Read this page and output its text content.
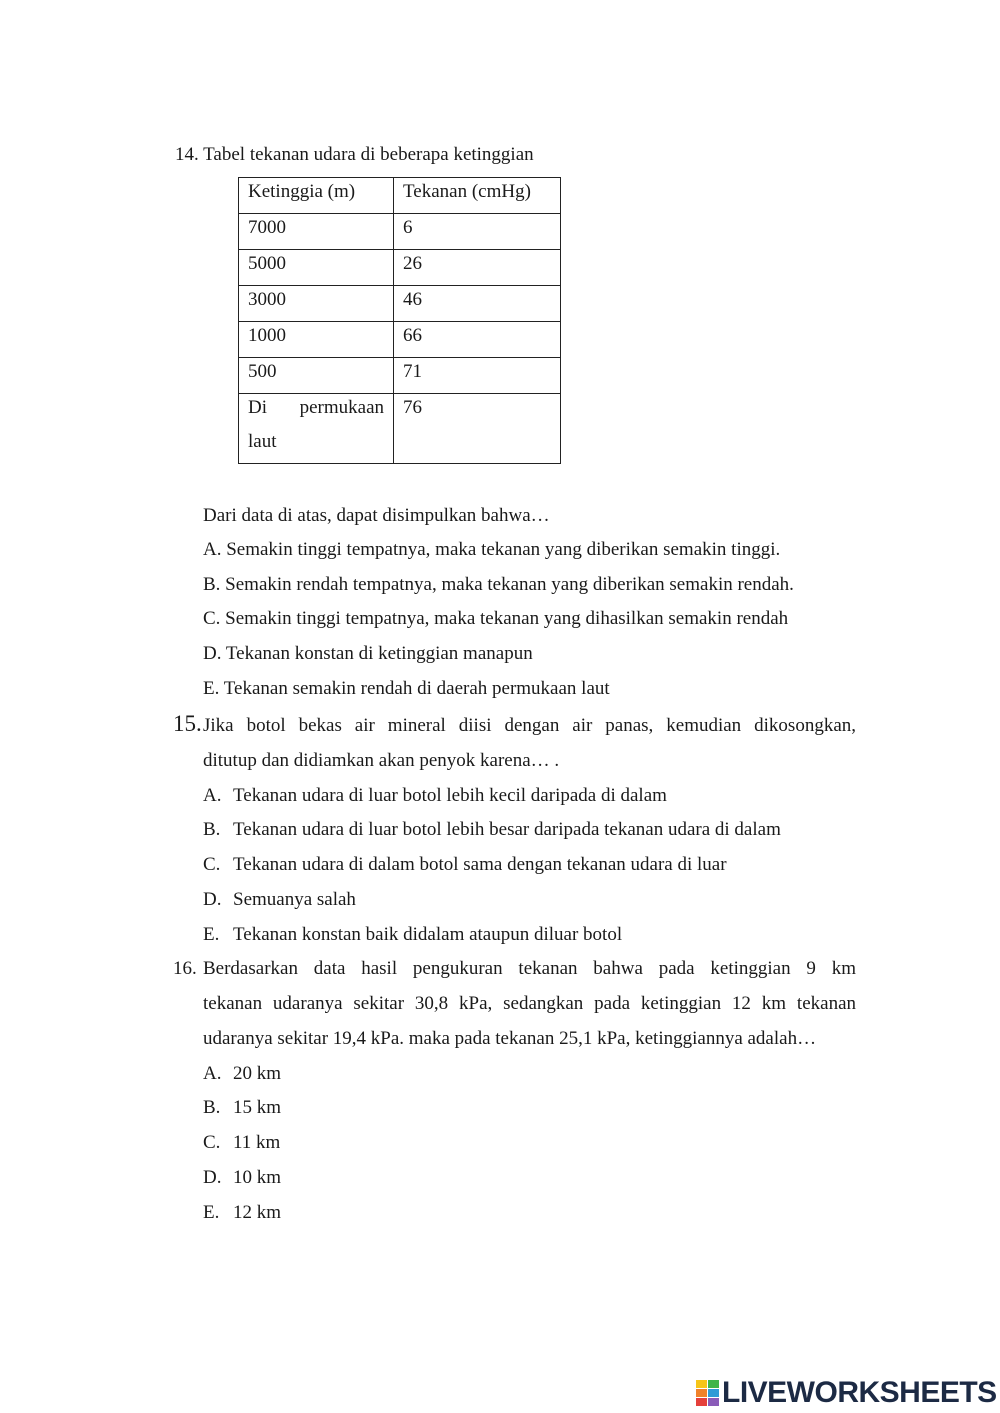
14. Tabel tekanan udara di beberapa ketinggian
Ketinggia (m)	Tekanan (cmHg)
7000	6
5000	26
3000	46
1000	66
500	71

Di permukaan laut	76
Dari data di atas, dapat disimpulkan bahwa…
A. Semakin tinggi tempatnya, maka tekanan yang diberikan semakin tinggi.
B. Semakin rendah tempatnya, maka tekanan yang diberikan semakin rendah.
C. Semakin tinggi tempatnya, maka tekanan yang dihasilkan semakin rendah
D. Tekanan konstan di ketinggian manapun
E. Tekanan semakin rendah di daerah permukaan laut
15. Jika botol bekas air mineral diisi dengan air panas, kemudian dikosongkan,
ditutup dan didiamkan akan penyok karena… .
A. Tekanan udara di luar botol lebih kecil daripada di dalam
B. Tekanan udara di luar botol lebih besar daripada tekanan udara di dalam
C. Tekanan udara di dalam botol sama dengan tekanan udara di luar
D. Semuanya salah
E. Tekanan konstan baik didalam ataupun diluar botol
16. Berdasarkan data hasil pengukuran tekanan bahwa pada ketinggian 9 km
tekanan udaranya sekitar 30,8 kPa, sedangkan pada ketinggian 12 km tekanan
udaranya sekitar 19,4 kPa. maka pada tekanan 25,1 kPa, ketinggiannya adalah…
A. 20 km
B. 15 km
C. 11 km
D. 10 km
E. 12 km
LIVEWORKSHEETS
